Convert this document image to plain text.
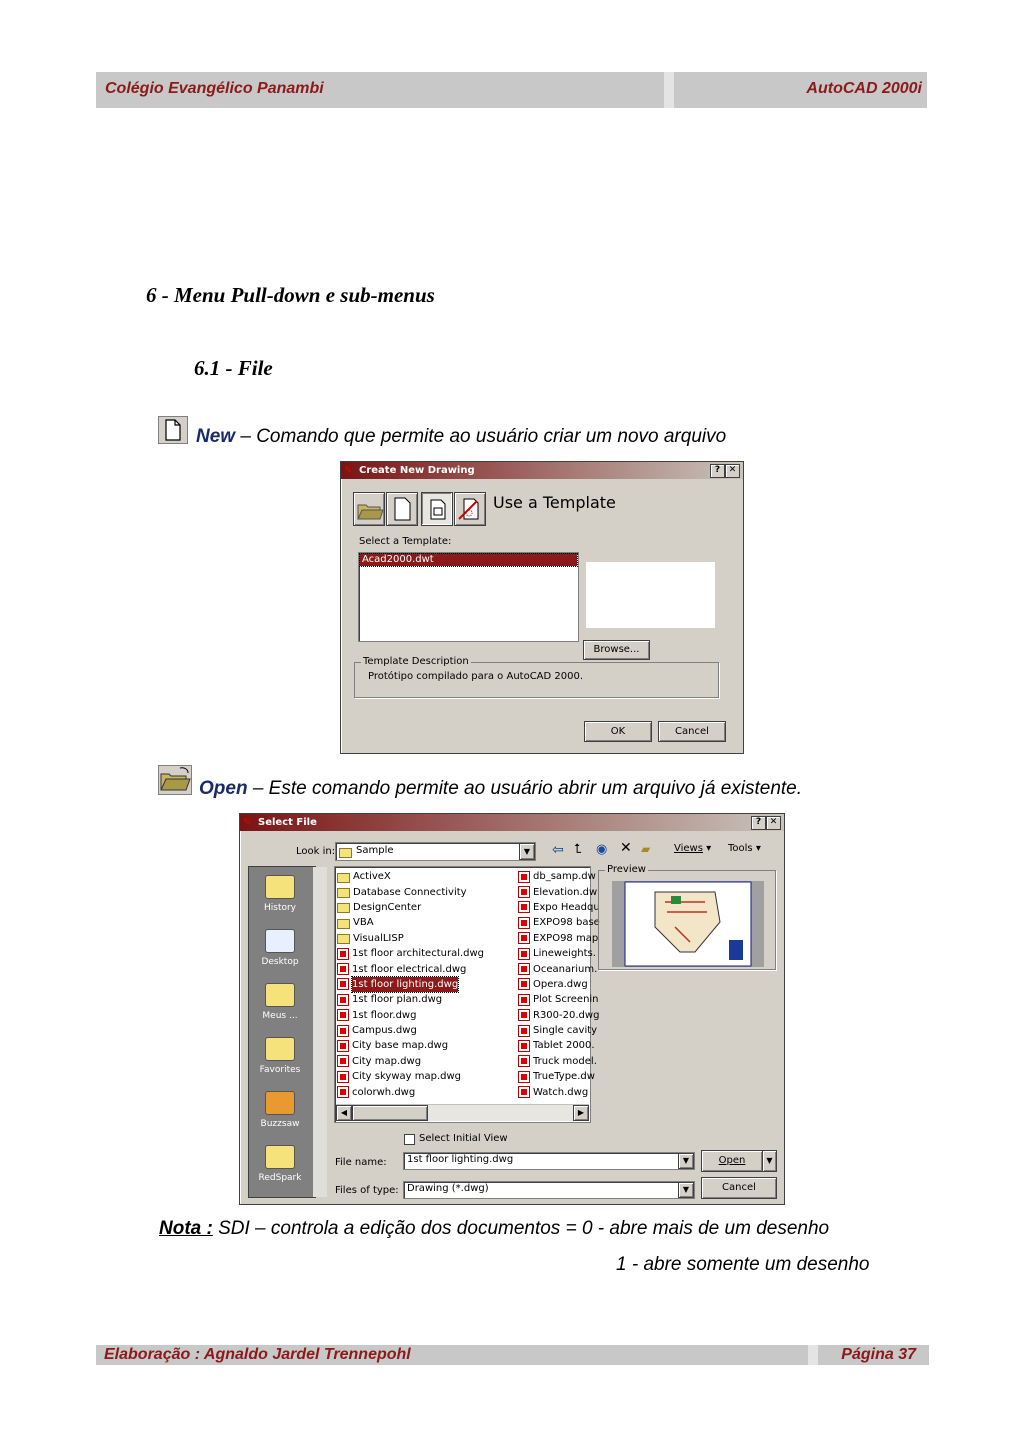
Colégio Evangélico Panambi	AutoCAD 2000i
6 - Menu Pull-down e sub-menus
6.1 - File
New – Comando que permite ao usuário criar um novo arquivo
✎ Create New Drawing	? ✕
Use a Template
Select a Template:
Acad2000.dwt
Browse...
Template Description
Protótipo compilado para o AutoCAD 2000.
OK	Cancel
Open – Este comando permite ao usuário abrir um arquivo já existente.
✎ Select File	? ✕
Look in: Sample	▼	⇦ ⮤ ◉ ✕ ▰ Views ▾ Tools ▾
History
Desktop
Meus ...
Favorites
Buzzsaw
RedSpark
ActiveX
Database Connectivity
DesignCenter
VBA
VisualLISP
1st floor architectural.dwg
1st floor electrical.dwg
1st floor lighting.dwg
1st floor plan.dwg
1st floor.dwg
Campus.dwg
City base map.dwg
City map.dwg
City skyway map.dwg
colorwh.dwg
db_samp.dw
Elevation.dw
Expo Headqu
EXPO98 base
EXPO98 map
Lineweights.
Oceanarium.
Opera.dwg
Plot Screenin
R300-20.dwg
Single cavity
Tablet 2000.
Truck model.
TrueType.dw
Watch.dwg
◀	▶
Preview
Select Initial View
File name: 1st floor lighting.dwg	▼
Files of type: Drawing (*.dwg)	▼
Open	▼
Cancel
Nota : SDI – controla a edição dos documentos = 0 - abre mais de um desenho
1 - abre somente um desenho
Elaboração : Agnaldo Jardel Trennepohl	Página 37
